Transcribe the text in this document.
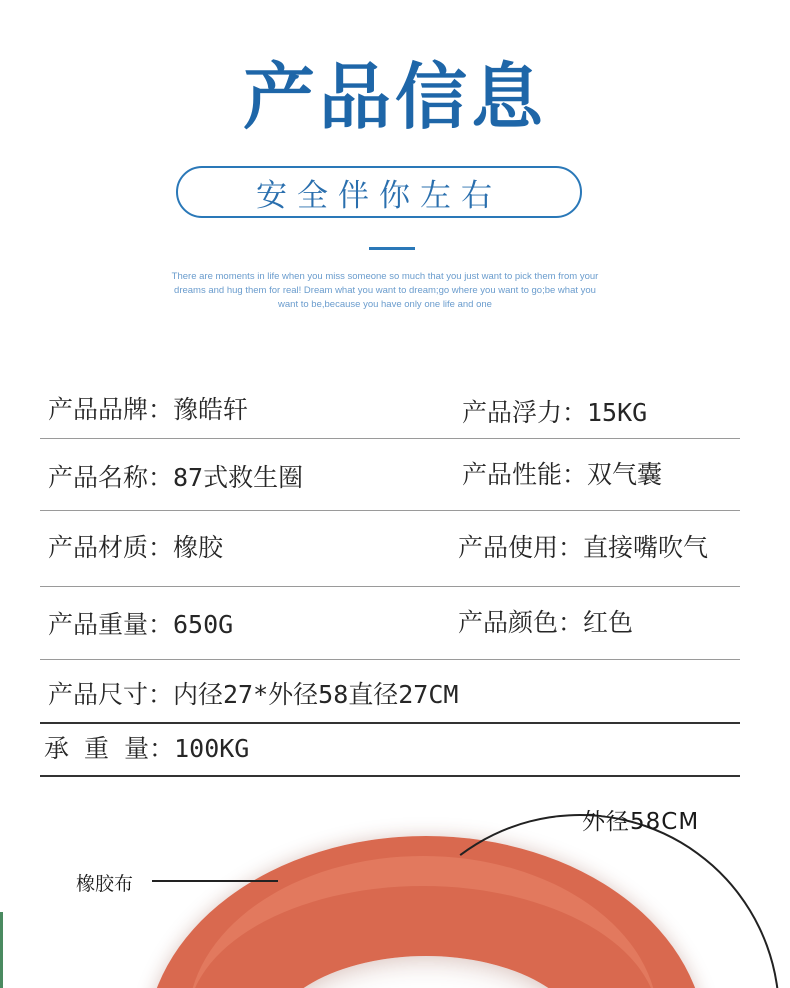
产品信息
安全伴你左右
There are moments in life when you miss someone so much that you just want to pick them from your
dreams and hug them for real! Dream what you want to dream;go where you want to go;be what you
want to be,because you have only one life and one
产品品牌：豫皓轩	产品浮力：15KG
产品名称：87式救生圈	产品性能：双气囊
产品材质：橡胶	产品使用：直接嘴吹气
产品重量：650G	产品颜色：红色
产品尺寸：内径27*外径58直径27CM
承 重 量：100KG
外径58CM
橡胶布
